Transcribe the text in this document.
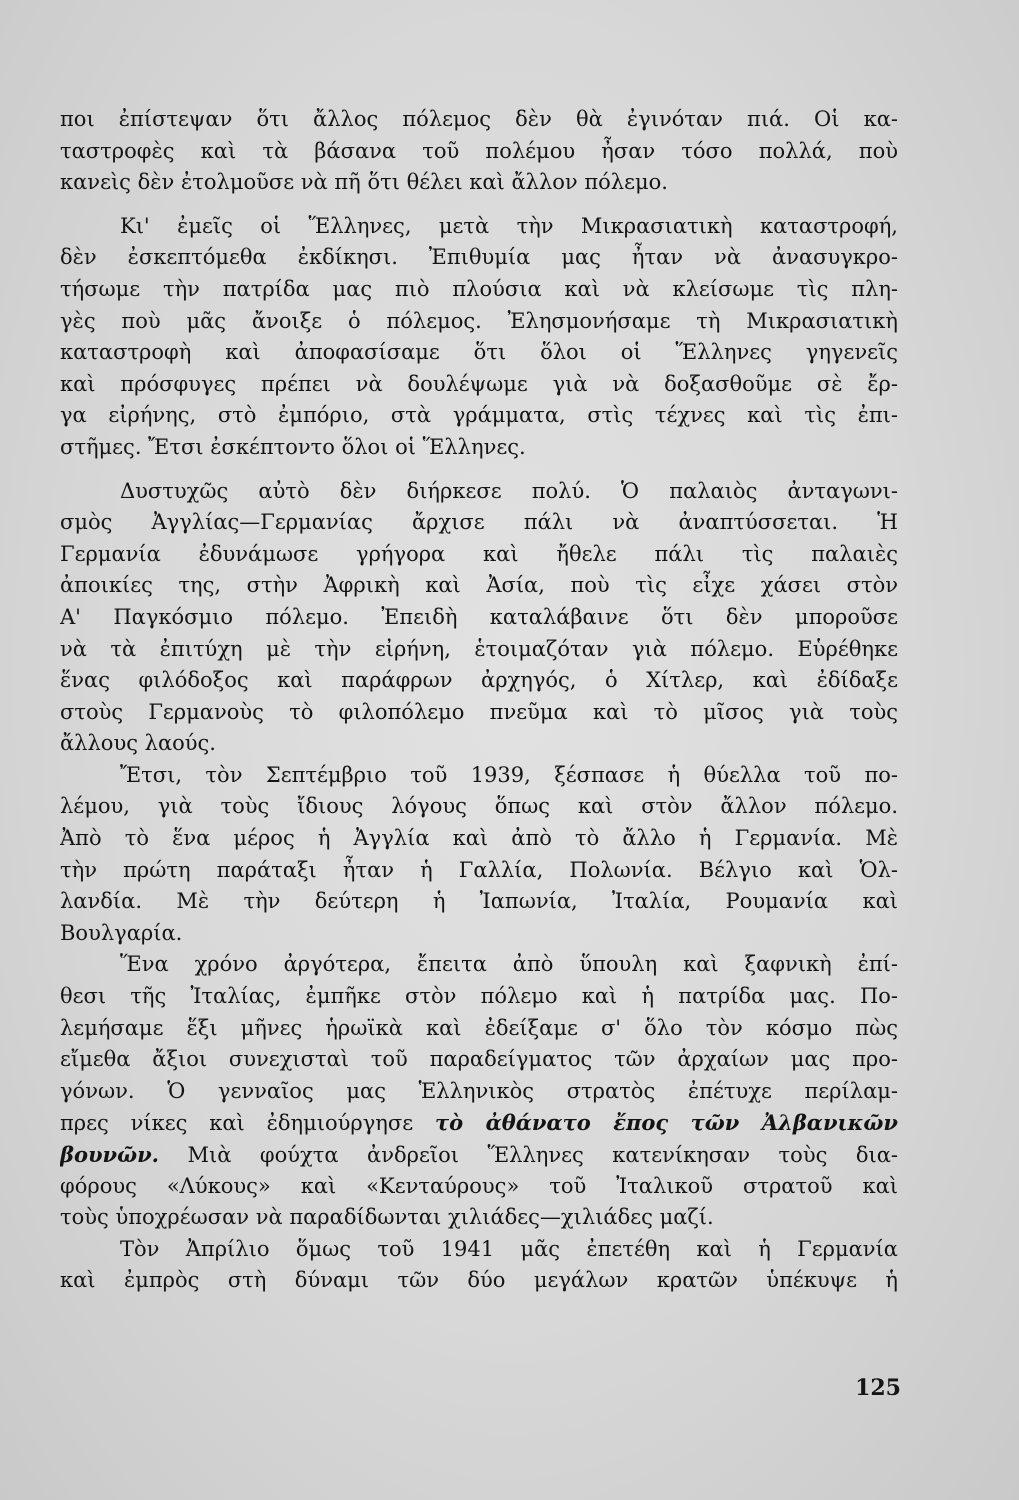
ποι ἐπίστεψαν ὅτι ἄλλος πόλεμος δὲν θὰ ἐγινόταν πιά. Οἱ κα-
ταστροφὲς καὶ τὰ βάσανα τοῦ πολέμου ἦσαν τόσο πολλά, ποὺ
κανεὶς δὲν ἐτολμοῦσε νὰ πῆ ὅτι θέλει καὶ ἄλλον πόλεμο.
Κι' ἐμεῖς οἱ Ἕλληνες, μετὰ τὴν Μικρασιατικὴ καταστροφή,
δὲν ἐσκεπτόμεθα ἐκδίκησι. Ἐπιθυμία μας ἦταν νὰ ἀνασυγκρο-
τήσωμε τὴν πατρίδα μας πιὸ πλούσια καὶ νὰ κλείσωμε τὶς πλη-
γὲς ποὺ μᾶς ἄνοιξε ὁ πόλεμος. Ἐλησμονήσαμε τὴ Μικρασιατικὴ
καταστροφὴ καὶ ἀποφασίσαμε ὅτι ὅλοι οἱ Ἕλληνες γηγενεῖς
καὶ πρόσφυγες πρέπει νὰ δουλέψωμε γιὰ νὰ δοξασθοῦμε σὲ ἔρ-
γα εἰρήνης, στὸ ἐμπόριο, στὰ γράμματα, στὶς τέχνες καὶ τὶς ἐπι-
στῆμες. Ἔτσι ἐσκέπτοντο ὅλοι οἱ Ἕλληνες.
Δυστυχῶς αὐτὸ δὲν διήρκεσε πολύ. Ὁ παλαιὸς ἀνταγωνι-
σμὸς Ἀγγλίας—Γερμανίας ἄρχισε πάλι νὰ ἀναπτύσσεται. Ἡ
Γερμανία ἐδυνάμωσε γρήγορα καὶ ἤθελε πάλι τὶς παλαιὲς
ἀποικίες της, στὴν Ἀφρικὴ καὶ Ἀσία, ποὺ τὶς εἶχε χάσει στὸν
Α' Παγκόσμιο πόλεμο. Ἐπειδὴ καταλάβαινε ὅτι δὲν μποροῦσε
νὰ τὰ ἐπιτύχη μὲ τὴν εἰρήνη, ἑτοιμαζόταν γιὰ πόλεμο. Εὑρέθηκε
ἕνας φιλόδοξος καὶ παράφρων ἀρχηγός, ὁ Χίτλερ, καὶ ἐδίδαξε
στοὺς Γερμανοὺς τὸ φιλοπόλεμο πνεῦμα καὶ τὸ μῖσος γιὰ τοὺς
ἄλλους λαούς.
Ἔτσι, τὸν Σεπτέμβριο τοῦ 1939, ξέσπασε ἡ θύελλα τοῦ πο-
λέμου, γιὰ τοὺς ἴδιους λόγους ὅπως καὶ στὸν ἄλλον πόλεμο.
Ἀπὸ τὸ ἕνα μέρος ἡ Ἀγγλία καὶ ἀπὸ τὸ ἄλλο ἡ Γερμανία. Μὲ
τὴν πρώτη παράταξι ἦταν ἡ Γαλλία, Πολωνία. Βέλγιο καὶ Ὁλ-
λανδία. Μὲ τὴν δεύτερη ἡ Ἰαπωνία, Ἰταλία, Ρουμανία καὶ
Βουλγαρία.
Ἕνα χρόνο ἀργότερα, ἔπειτα ἀπὸ ὕπουλη καὶ ξαφνικὴ ἐπί-
θεσι τῆς Ἰταλίας, ἐμπῆκε στὸν πόλεμο καὶ ἡ πατρίδα μας. Πο-
λεμήσαμε ἕξι μῆνες ἡρωϊκὰ καὶ ἐδείξαμε σ' ὅλο τὸν κόσμο πὼς
εἴμεθα ἄξιοι συνεχισταὶ τοῦ παραδείγματος τῶν ἀρχαίων μας προ-
γόνων. Ὁ γενναῖος μας Ἑλληνικὸς στρατὸς ἐπέτυχε περίλαμ-
πρες νίκες καὶ ἐδημιούργησε τὸ ἀθάνατο ἔπος τῶν Ἀλβανικῶν
βουνῶν. Μιὰ φούχτα ἀνδρεῖοι Ἕλληνες κατενίκησαν τοὺς δια-
φόρους «Λύκους» καὶ «Κενταύρους» τοῦ Ἰταλικοῦ στρατοῦ καὶ
τοὺς ὑποχρέωσαν νὰ παραδίδωνται χιλιάδες—χιλιάδες μαζί.
Τὸν Ἀπρίλιο ὅμως τοῦ 1941 μᾶς ἐπετέθη καὶ ἡ Γερμανία
καὶ ἐμπρὸς στὴ δύναμι τῶν δύο μεγάλων κρατῶν ὑπέκυψε ἡ
125
